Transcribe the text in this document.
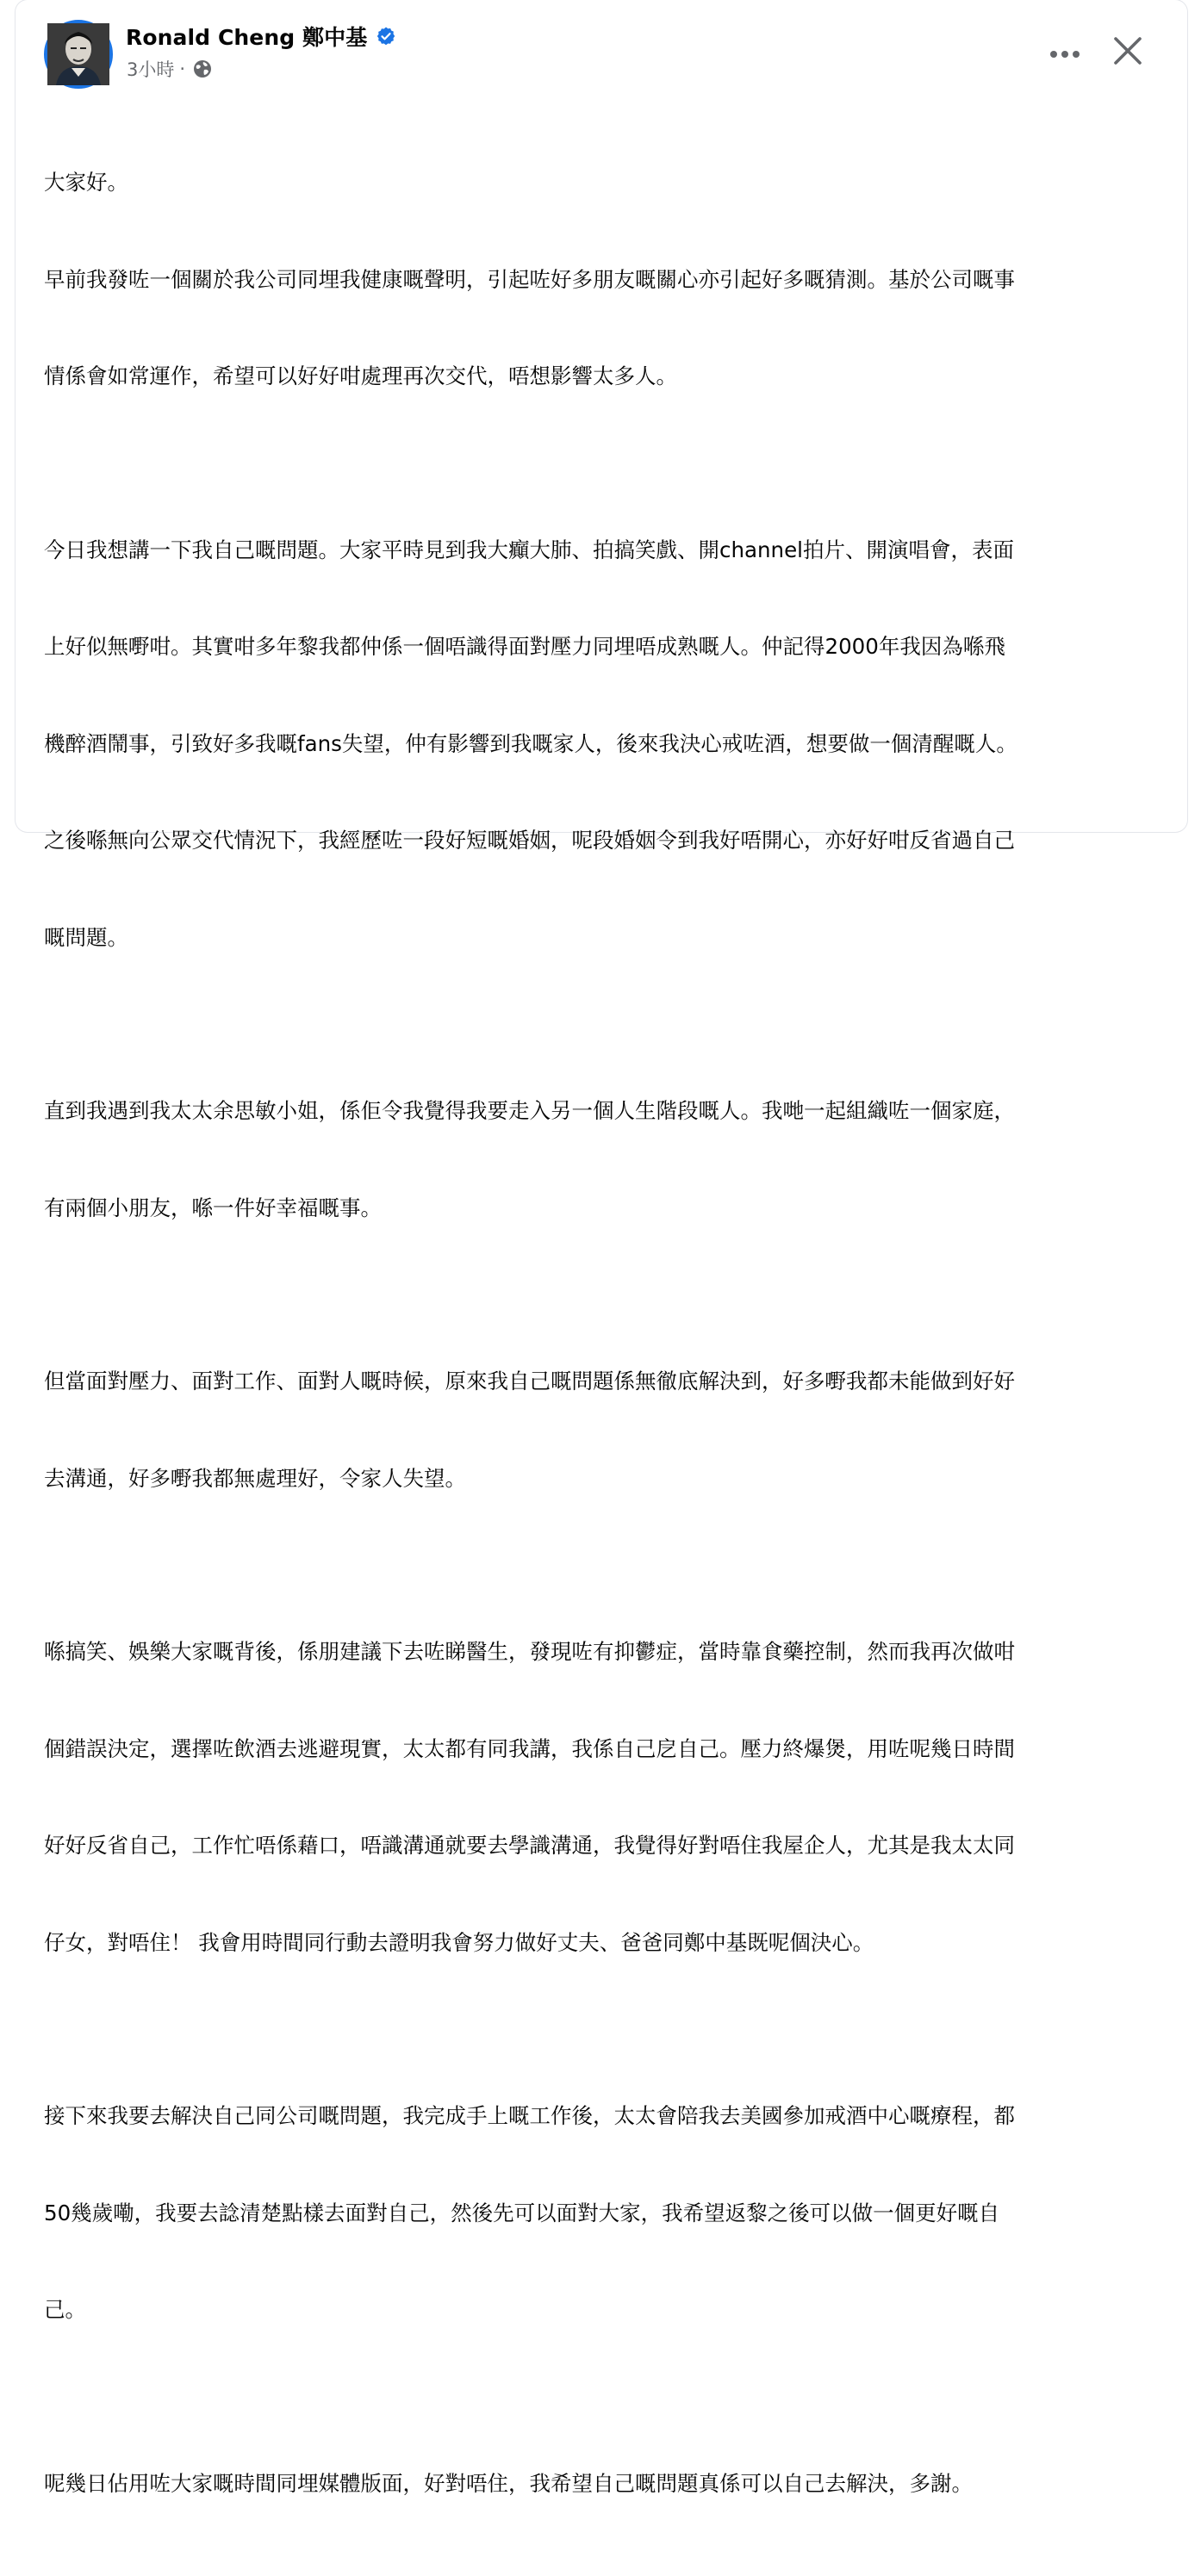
Ronald Cheng 鄭中基
3小時 ·

大家好。

早前我發咗一個關於我公司同埋我健康嘅聲明，引起咗好多朋友嘅關心亦引起好多嘅猜測。基於公司嘅事

情係會如常運作，希望可以好好咁處理再次交代，唔想影響太多人。

今日我想講一下我自己嘅問題。大家平時見到我大癲大肺、拍搞笑戲、開channel拍片、開演唱會，表面

上好似無嘢咁。其實咁多年黎我都仲係一個唔識得面對壓力同埋唔成熟嘅人。仲記得2000年我因為喺飛

機醉酒鬧事，引致好多我嘅fans失望，仲有影響到我嘅家人，後來我決心戒咗酒，想要做一個清醒嘅人。

之後喺無向公眾交代情況下，我經歷咗一段好短嘅婚姻，呢段婚姻令到我好唔開心，亦好好咁反省過自己

嘅問題。

直到我遇到我太太余思敏小姐，係佢令我覺得我要走入另一個人生階段嘅人。我哋一起組織咗一個家庭，

有兩個小朋友，喺一件好幸福嘅事。

但當面對壓力、面對工作、面對人嘅時候，原來我自己嘅問題係無徹底解決到，好多嘢我都未能做到好好

去溝通，好多嘢我都無處理好，令家人失望。

喺搞笑、娛樂大家嘅背後，係朋建議下去咗睇醫生，發現咗有抑鬱症，當時靠食藥控制，然而我再次做咁

個錯誤決定，選擇咗飲酒去逃避現實，太太都有同我講，我係自己戹自己。壓力終爆煲，用咗呢幾日時間

好好反省自己，工作忙唔係藉口，唔識溝通就要去學識溝通，我覺得好對唔住我屋企人，尤其是我太太同

仔女，對唔住！ 我會用時間同行動去證明我會努力做好丈夫、爸爸同鄭中基既呢個決心。

接下來我要去解決自己同公司嘅問題，我完成手上嘅工作後，太太會陪我去美國參加戒酒中心嘅療程，都

50幾歲嘞，我要去諗清楚點樣去面對自己，然後先可以面對大家，我希望返黎之後可以做一個更好嘅自

己。

呢幾日佔用咗大家嘅時間同埋媒體版面，好對唔住，我希望自己嘅問題真係可以自己去解決，多謝。
